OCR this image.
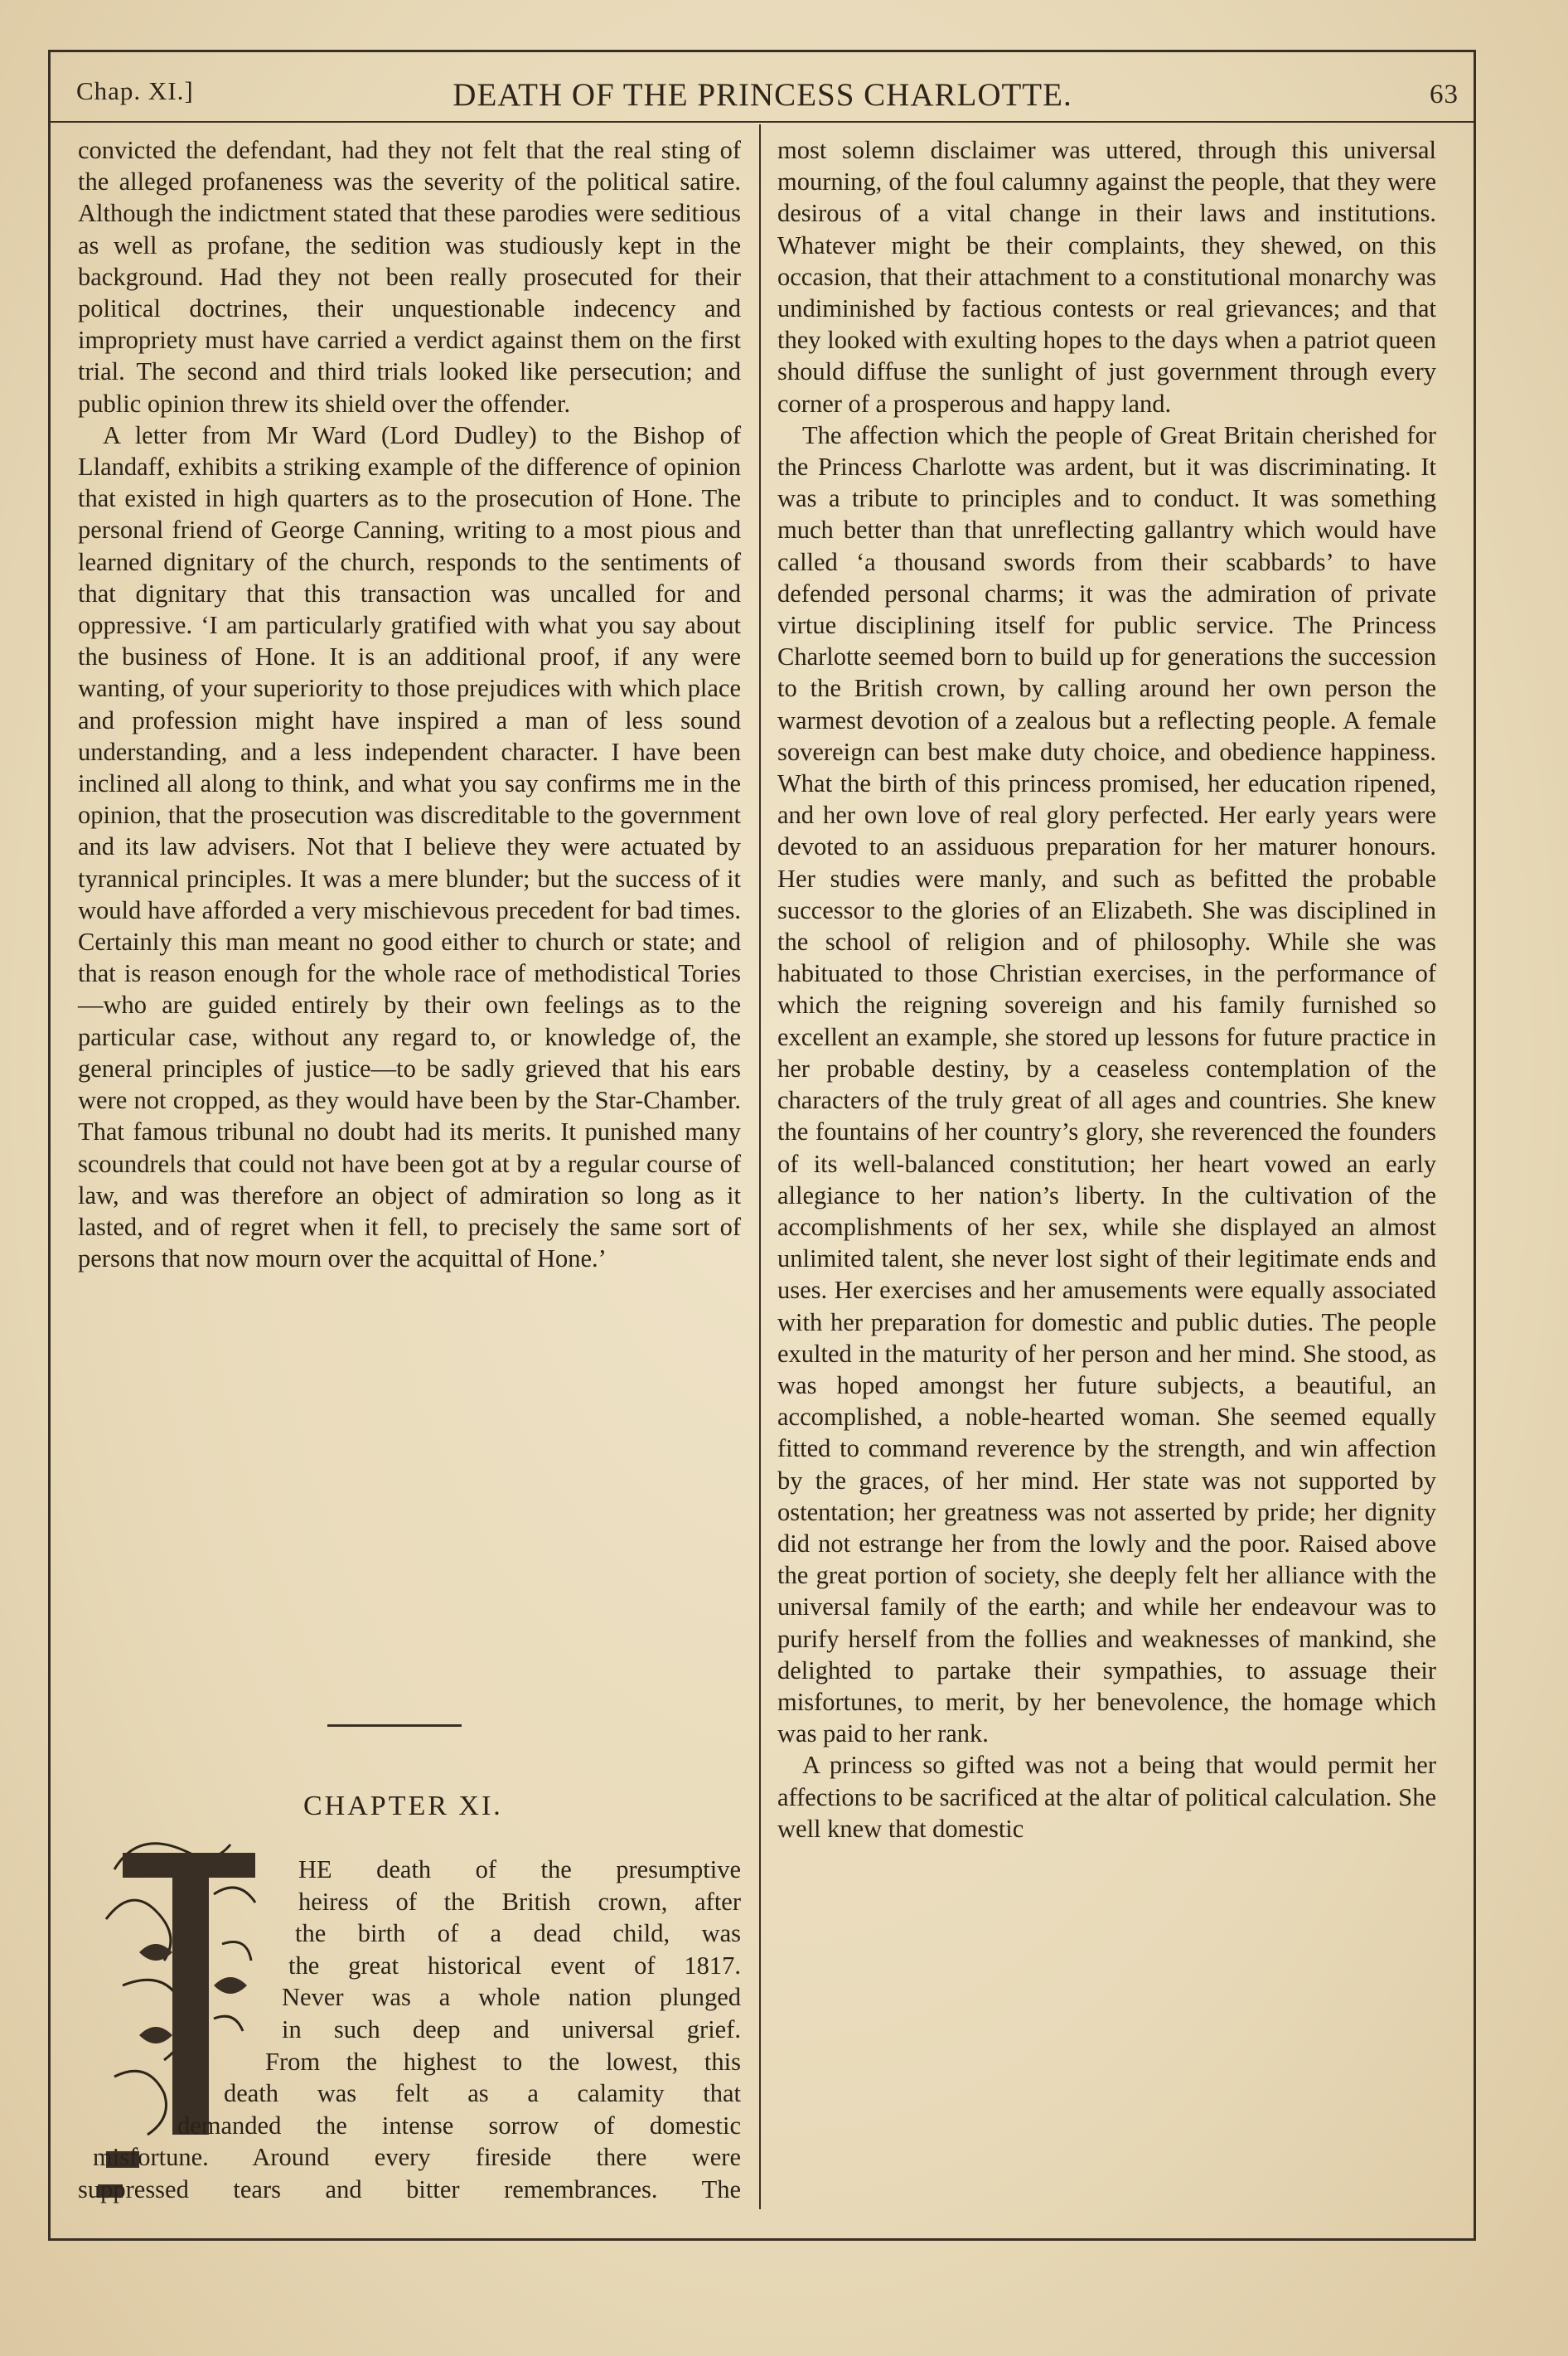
Chap. XI.]	DEATH OF THE PRINCESS CHARLOTTE.	63

convicted the defendant, had they not felt that the real sting of the alleged profaneness was the severity of the political satire. Although the indictment stated that these parodies were seditious as well as profane, the sedition was studiously kept in the background. Had they not been really prosecuted for their political doctrines, their unquestionable indecency and impropriety must have carried a verdict against them on the first trial. The second and third trials looked like persecution; and public opinion threw its shield over the offender.

A letter from Mr Ward (Lord Dudley) to the Bishop of Llandaff, exhibits a striking example of the difference of opinion that existed in high quarters as to the prosecution of Hone. The personal friend of George Canning, writing to a most pious and learned dignitary of the church, responds to the sentiments of that dignitary that this transaction was uncalled for and oppressive. ‘I am particularly gratified with what you say about the business of Hone. It is an additional proof, if any were wanting, of your superiority to those prejudices with which place and profession might have inspired a man of less sound understanding, and a less independent character. I have been inclined all along to think, and what you say confirms me in the opinion, that the prosecution was discreditable to the government and its law advisers. Not that I believe they were actuated by tyrannical principles. It was a mere blunder; but the success of it would have afforded a very mischievous precedent for bad times. Certainly this man meant no good either to church or state; and that is reason enough for the whole race of methodistical Tories—who are guided entirely by their own feelings as to the particular case, without any regard to, or knowledge of, the general principles of justice—to be sadly grieved that his ears were not cropped, as they would have been by the Star-Chamber. That famous tribunal no doubt had its merits. It punished many scoundrels that could not have been got at by a regular course of law, and was therefore an object of admiration so long as it lasted, and of regret when it fell, to precisely the same sort of persons that now mourn over the acquittal of Hone.’

CHAPTER XI.
T
HE death of the presumptive
heiress of the British crown, after
the birth of a dead child, was
the great historical event of 1817.
Never was a whole nation plunged
in such deep and universal grief.
From the highest to the lowest, this
death was felt as a calamity that
demanded the intense sorrow of domestic
misfortune. Around every fireside there were
suppressed tears and bitter remembrances. The

most solemn disclaimer was uttered, through this universal mourning, of the foul calumny against the people, that they were desirous of a vital change in their laws and institutions. Whatever might be their complaints, they shewed, on this occasion, that their attachment to a constitutional monarchy was undiminished by factious contests or real grievances; and that they looked with exulting hopes to the days when a patriot queen should diffuse the sunlight of just government through every corner of a prosperous and happy land.

The affection which the people of Great Britain cherished for the Princess Charlotte was ardent, but it was discriminating. It was a tribute to principles and to conduct. It was something much better than that unreflecting gallantry which would have called ‘a thousand swords from their scabbards’ to have defended personal charms; it was the admiration of private virtue disciplining itself for public service. The Princess Charlotte seemed born to build up for generations the succession to the British crown, by calling around her own person the warmest devotion of a zealous but a reflecting people. A female sovereign can best make duty choice, and obedience happiness. What the birth of this princess promised, her education ripened, and her own love of real glory perfected. Her early years were devoted to an assiduous preparation for her maturer honours. Her studies were manly, and such as befitted the probable successor to the glories of an Elizabeth. She was disciplined in the school of religion and of philosophy. While she was habituated to those Christian exercises, in the performance of which the reigning sovereign and his family furnished so excellent an example, she stored up lessons for future practice in her probable destiny, by a ceaseless contemplation of the characters of the truly great of all ages and countries. She knew the fountains of her country’s glory, she reverenced the founders of its well-balanced constitution; her heart vowed an early allegiance to her nation’s liberty. In the cultivation of the accomplishments of her sex, while she displayed an almost unlimited talent, she never lost sight of their legitimate ends and uses. Her exercises and her amusements were equally associated with her preparation for domestic and public duties. The people exulted in the maturity of her person and her mind. She stood, as was hoped amongst her future subjects, a beautiful, an accomplished, a noble-hearted woman. She seemed equally fitted to command reverence by the strength, and win affection by the graces, of her mind. Her state was not supported by ostentation; her greatness was not asserted by pride; her dignity did not estrange her from the lowly and the poor. Raised above the great portion of society, she deeply felt her alliance with the universal family of the earth; and while her endeavour was to purify herself from the follies and weaknesses of mankind, she delighted to partake their sympathies, to assuage their misfortunes, to merit, by her benevolence, the homage which was paid to her rank.

A princess so gifted was not a being that would permit her affections to be sacrificed at the altar of political calculation. She well knew that domestic
